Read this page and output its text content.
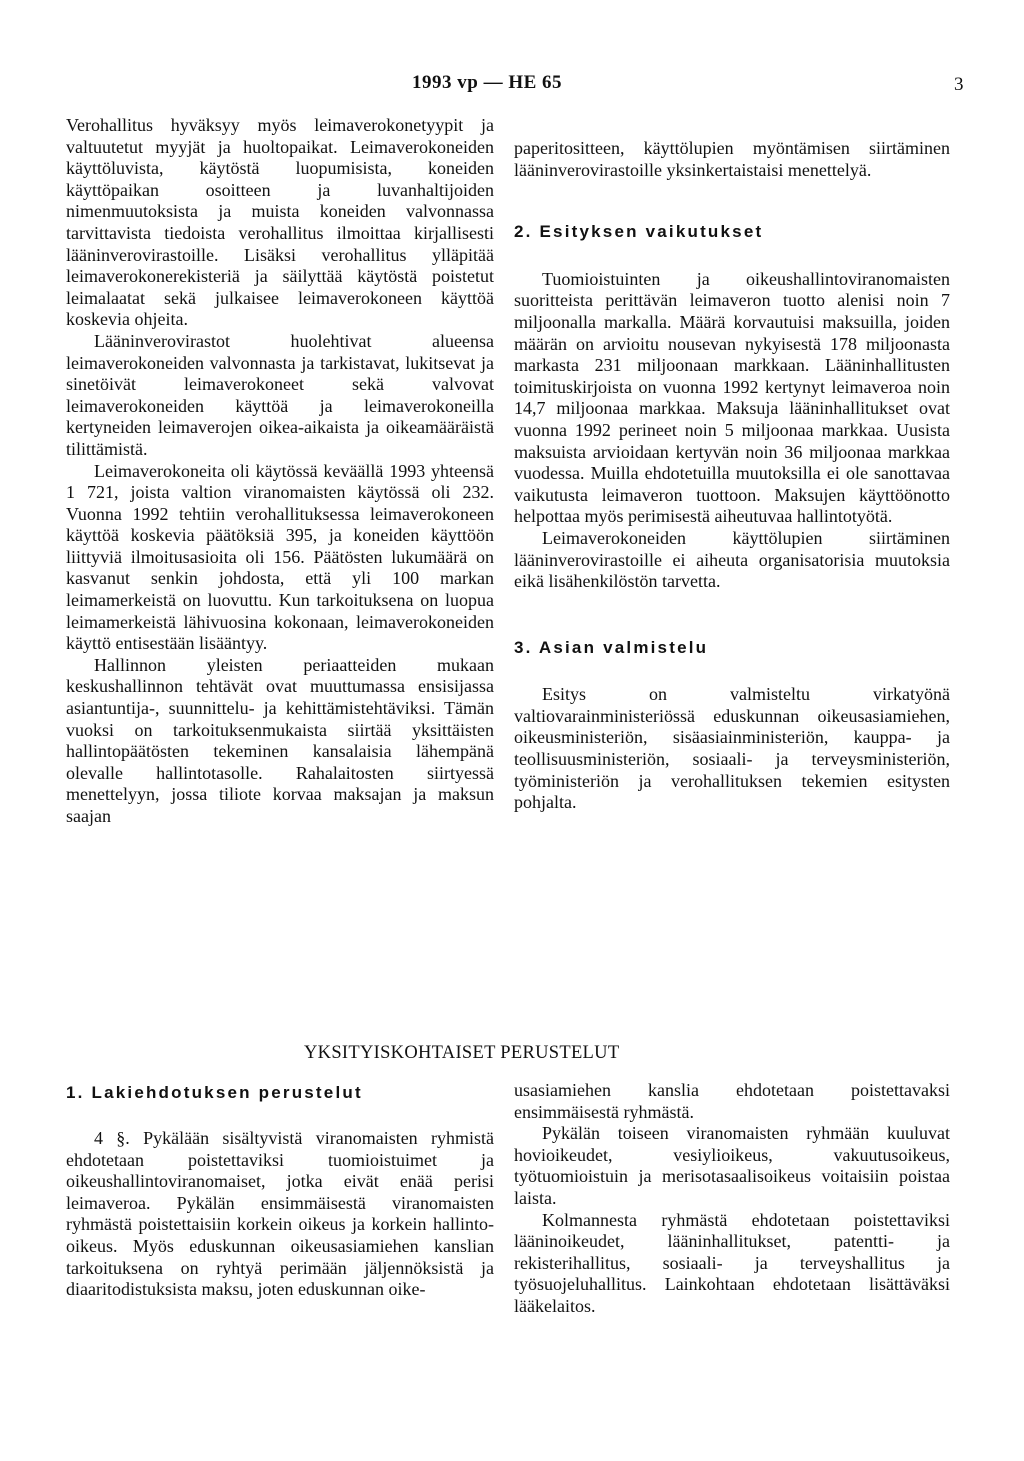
1993 vp — HE 65	3

Verohallitus hyväksyy myös leimaverokonetyypit ja valtuutetut myyjät ja huoltopaikat. Leimaverokoneiden käyttöluvista, käytöstä luopumisista, koneiden käyttöpaikan osoitteen ja luvanhaltijoiden nimenmuutoksista ja muista koneiden valvonnassa tarvittavista tiedoista verohallitus ilmoittaa kirjallisesti lääninverovirastoille. Lisäksi verohallitus ylläpitää leimaverokonerekisteriä ja säilyttää käytöstä poistetut leimalaatat sekä julkaisee leimaverokoneen käyttöä koskevia ohjeita.

Lääninverovirastot huolehtivat alueensa leimaverokoneiden valvonnasta ja tarkistavat, lukitsevat ja sinetöivät leimaverokoneet sekä valvovat leimaverokoneiden käyttöä ja leimaverokoneilla kertyneiden leimaverojen oikea-aikaista ja oikeamääräistä tilittämistä.

Leimaverokoneita oli käytössä keväällä 1993 yhteensä 1 721, joista valtion viranomaisten käytössä oli 232. Vuonna 1992 tehtiin verohallituksessa leimaverokoneen käyttöä koskevia päätöksiä 395, ja koneiden käyttöön liittyviä ilmoitusasioita oli 156. Päätösten lukumäärä on kasvanut senkin johdosta, että yli 100 markan leimamerkeistä on luovuttu. Kun tarkoituksena on luopua leimamerkeistä lähivuosina kokonaan, leimaverokoneiden käyttö entisestään lisääntyy.

Hallinnon yleisten periaatteiden mukaan keskushallinnon tehtävät ovat muuttumassa ensisijassa asiantuntija-, suunnittelu- ja kehittämistehtäviksi. Tämän vuoksi on tarkoituksenmukaista siirtää yksittäisten hallintopäätösten tekeminen kansalaisia lähempänä olevalle hallintotasolle. Rahalaitosten siirtyessä menettelyyn, jossa tiliote korvaa maksajan ja maksun saajan

paperitositteen, käyttölupien myöntämisen siirtäminen lääninverovirastoille yksinkertaistaisi menettelyä.

2. Esityksen vaikutukset

Tuomioistuinten ja oikeushallintoviranomaisten suoritteista perittävän leimaveron tuotto alenisi noin 7 miljoonalla markalla. Määrä korvautuisi maksuilla, joiden määrän on arvioitu nousevan nykyisestä 178 miljoonasta markasta 231 miljoonaan markkaan. Lääninhallitusten toimituskirjoista on vuonna 1992 kertynyt leimaveroa noin 14,7 miljoonaa markkaa. Maksuja lääninhallitukset ovat vuonna 1992 perineet noin 5 miljoonaa markkaa. Uusista maksuista arvioidaan kertyvän noin 36 miljoonaa markkaa vuodessa. Muilla ehdotetuilla muutoksilla ei ole sanottavaa vaikutusta leimaveron tuottoon. Maksujen käyttöönotto helpottaa myös perimisestä aiheutuvaa hallintotyötä.

Leimaverokoneiden käyttölupien siirtäminen lääninverovirastoille ei aiheuta organisatorisia muutoksia eikä lisähenkilöstön tarvetta.

3. Asian valmistelu

Esitys on valmisteltu virkatyönä valtiovarainministeriössä eduskunnan oikeusasiamiehen, oikeusministeriön, sisäasiainministeriön, kauppa- ja teollisuusministeriön, sosiaali- ja terveysministeriön, työministeriön ja verohallituksen tekemien esitysten pohjalta.

YKSITYISKOHTAISET PERUSTELUT
1. Lakiehdotuksen perustelut

4 §. Pykälään sisältyvistä viranomaisten ryhmistä ehdotetaan poistettaviksi tuomioistuimet ja oikeushallintoviranomaiset, jotka eivät enää perisi leimaveroa. Pykälän ensimmäisestä viranomaisten ryhmästä poistettaisiin korkein oikeus ja korkein hallinto-oikeus. Myös eduskunnan oikeusasiamiehen kanslian tarkoituksena on ryhtyä perimään jäljennöksistä ja diaaritodistuksista maksu, joten eduskunnan oike-

usasiamiehen kanslia ehdotetaan poistettavaksi ensimmäisestä ryhmästä.

Pykälän toiseen viranomaisten ryhmään kuuluvat hovioikeudet, vesiylioikeus, vakuutusoikeus, työtuomioistuin ja merisotasaalisoikeus voitaisiin poistaa laista.

Kolmannesta ryhmästä ehdotetaan poistettaviksi lääninoikeudet, lääninhallitukset, patentti- ja rekisterihallitus, sosiaali- ja terveyshallitus ja työsuojeluhallitus. Lainkohtaan ehdotetaan lisättäväksi lääkelaitos.
